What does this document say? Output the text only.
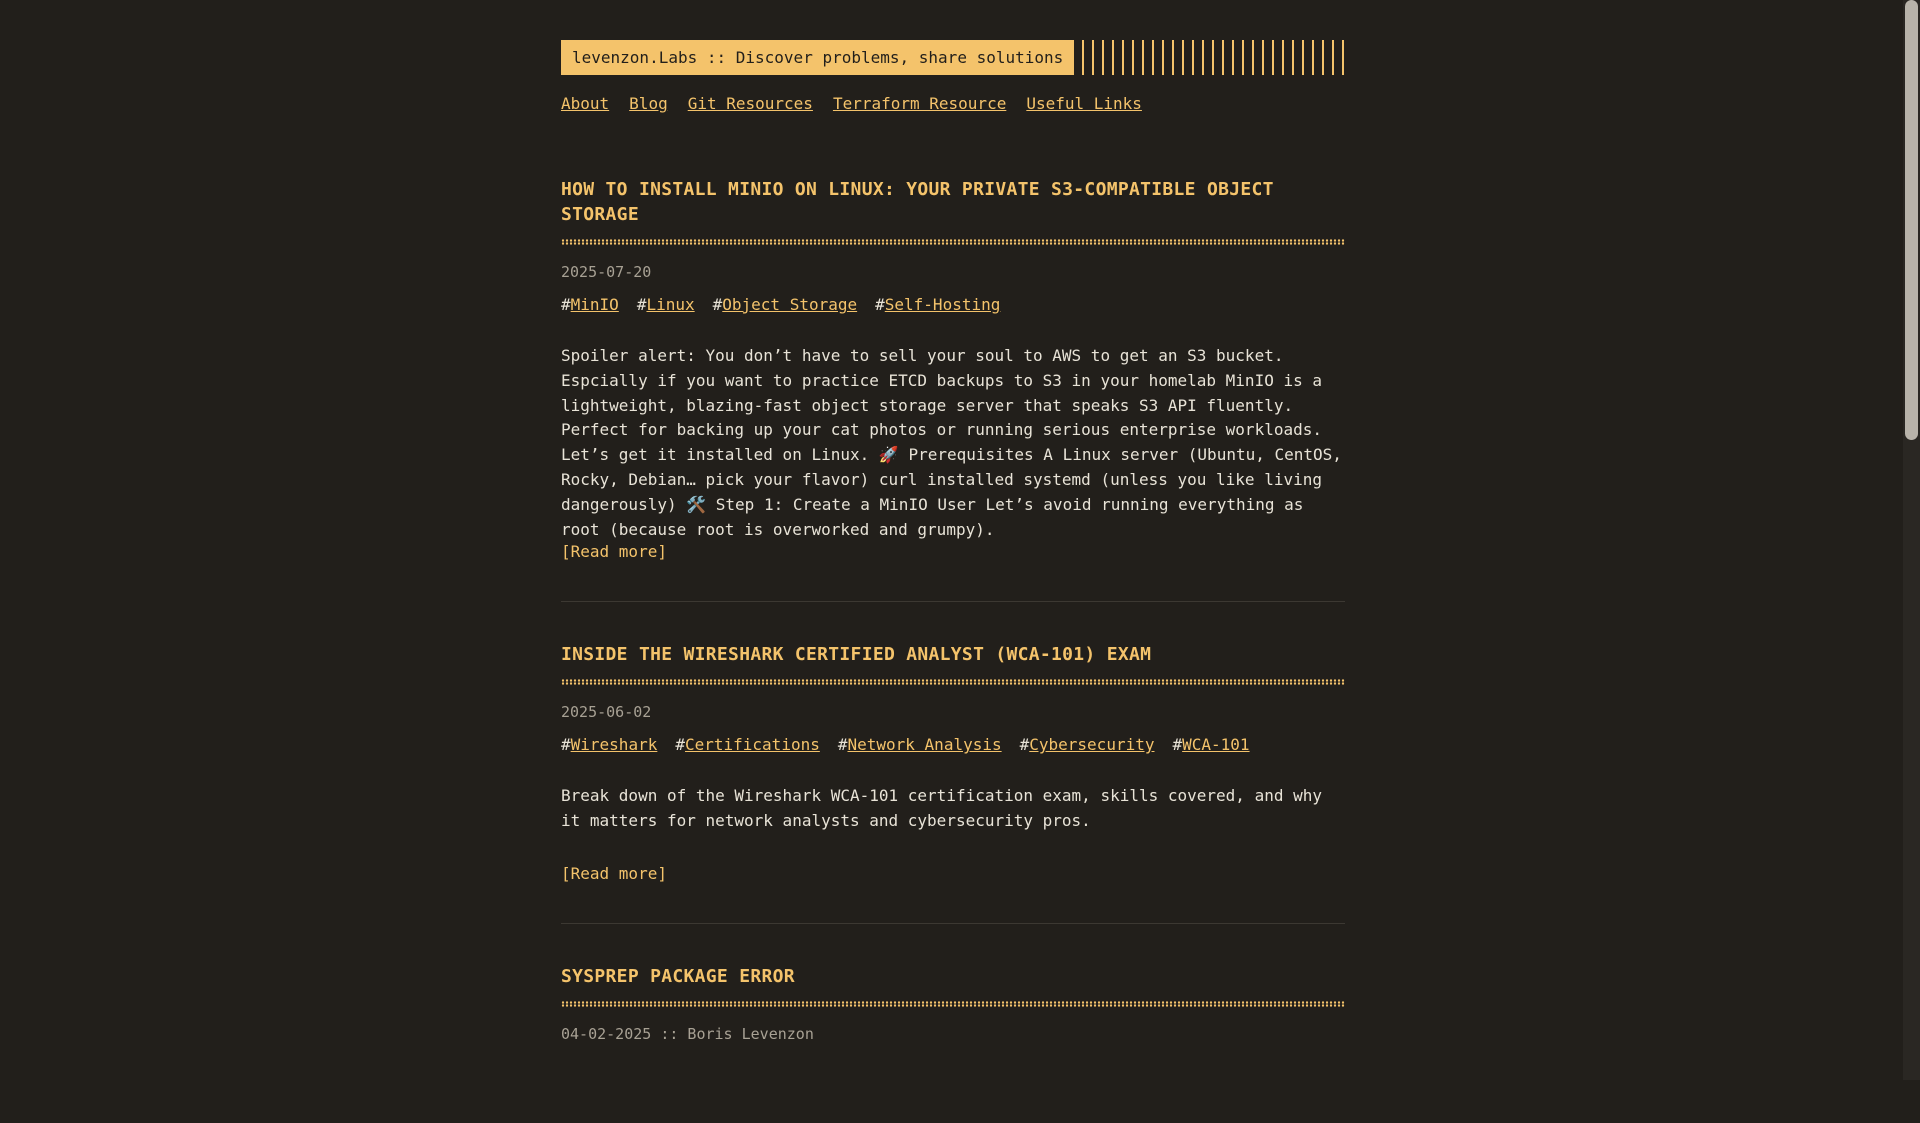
levenzon.Labs :: Discover problems, share solutions
About Blog Git Resources Terraform Resource Useful Links
HOW TO INSTALL MINIO ON LINUX: YOUR PRIVATE S3-COMPATIBLE OBJECT STORAGE
2025-07-20
#MinIO #Linux #Object Storage #Self-Hosting
Spoiler alert: You don’t have to sell your soul to AWS to get an S3 bucket. Espcially if you want to practice ETCD backups to S3 in your homelab MinIO is a lightweight, blazing-fast object storage server that speaks S3 API fluently. Perfect for backing up your cat photos or running serious enterprise workloads. Let’s get it installed on Linux. 🚀 Prerequisites A Linux server (Ubuntu, CentOS, Rocky, Debian… pick your flavor) curl installed systemd (unless you like living dangerously) 🛠️ Step 1: Create a MinIO User Let’s avoid running everything as root (because root is overworked and grumpy).
[Read more]
INSIDE THE WIRESHARK CERTIFIED ANALYST (WCA-101) EXAM
2025-06-02
#Wireshark #Certifications #Network Analysis #Cybersecurity #WCA-101
Break down of the Wireshark WCA-101 certification exam, skills covered, and why it matters for network analysts and cybersecurity pros.
[Read more]
SYSPREP PACKAGE ERROR
04-02-2025 :: Boris Levenzon
